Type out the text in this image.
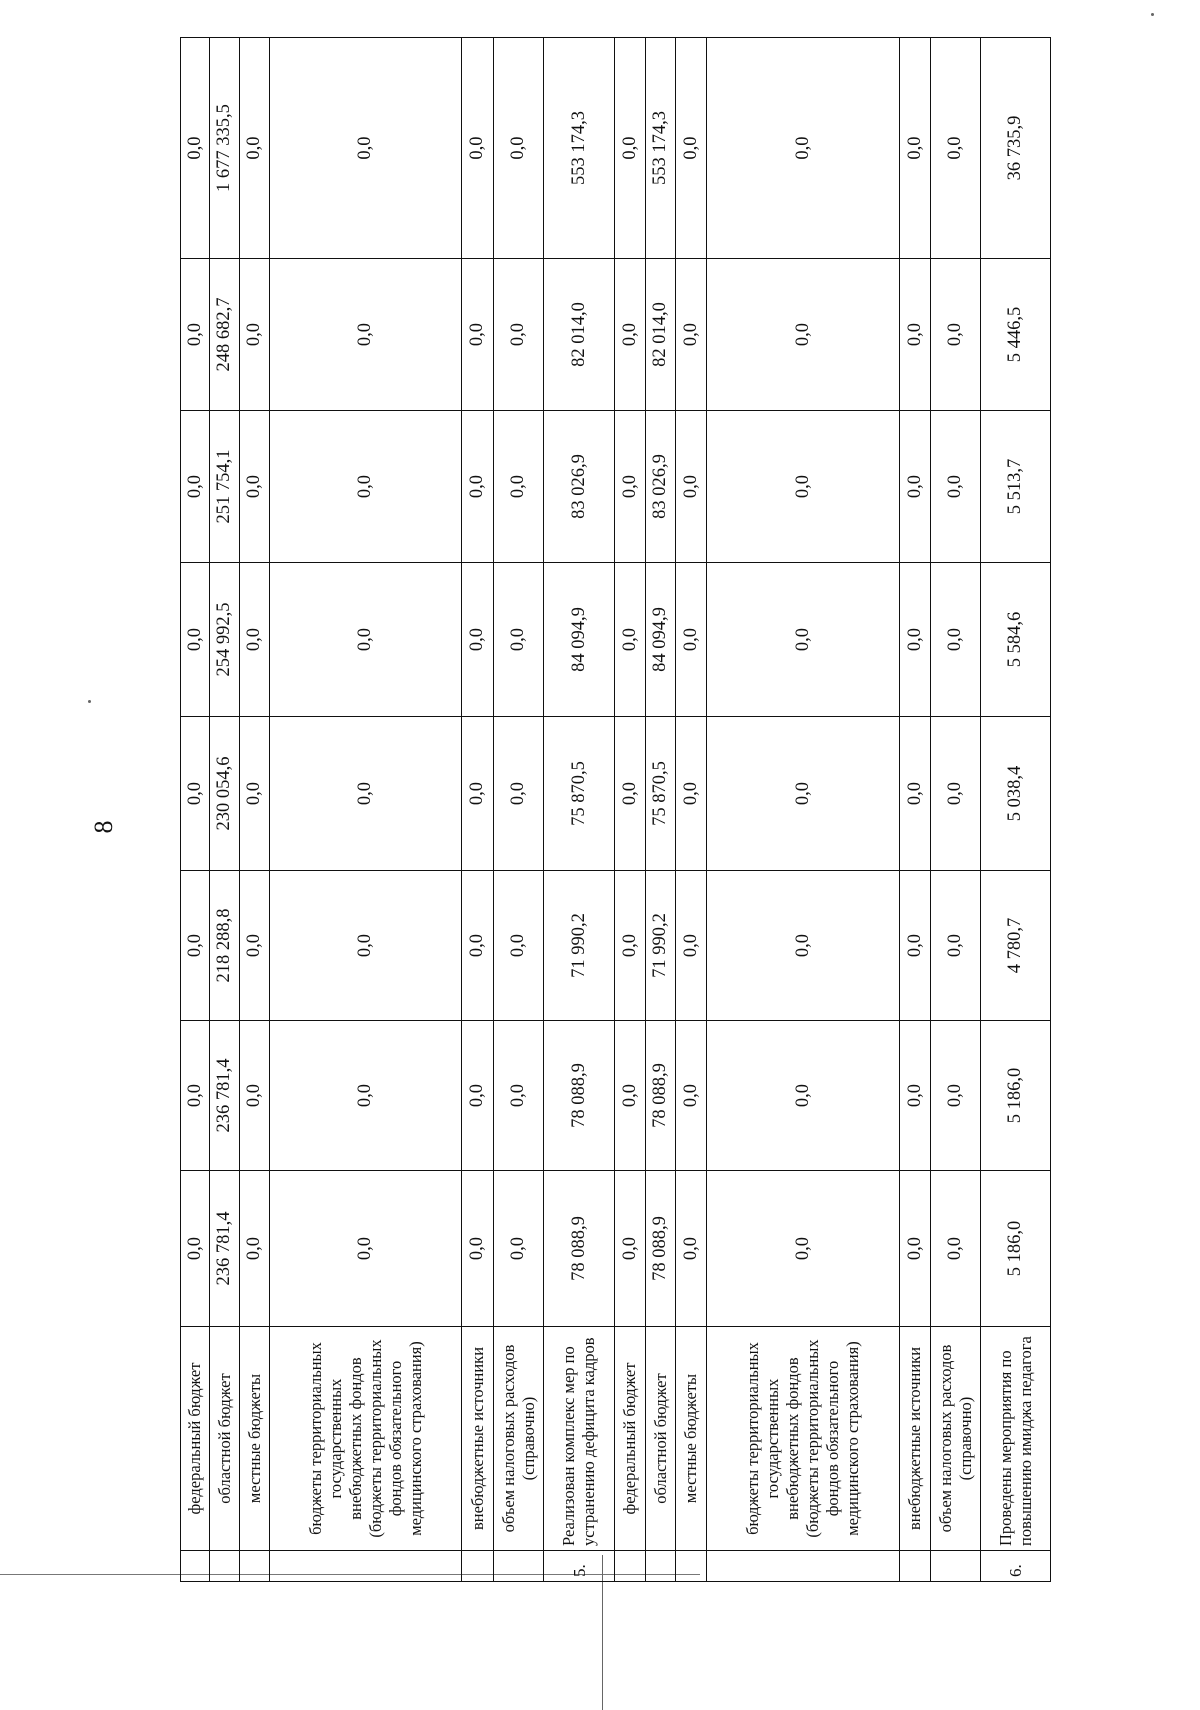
8
	федеральный бюджет	0,0	0,0	0,0	0,0	0,0	0,0	0,0	0,0
	областной бюджет	236 781,4	236 781,4	218 288,8	230 054,6	254 992,5	251 754,1	248 682,7	1 677 335,5
	местные бюджеты	0,0	0,0	0,0	0,0	0,0	0,0	0,0	0,0
	бюджеты территориальных государственных внебюджетных фондов (бюджеты территориальных фондов обязательного медицинского страхования)	0,0	0,0	0,0	0,0	0,0	0,0	0,0	0,0
	внебюджетные источники	0,0	0,0	0,0	0,0	0,0	0,0	0,0	0,0
	объем налоговых расходов (справочно)	0,0	0,0	0,0	0,0	0,0	0,0	0,0	0,0
5.	Реализован комплекс мер по устранению дефицита кадров	78 088,9	78 088,9	71 990,2	75 870,5	84 094,9	83 026,9	82 014,0	553 174,3
	федеральный бюджет	0,0	0,0	0,0	0,0	0,0	0,0	0,0	0,0
	областной бюджет	78 088,9	78 088,9	71 990,2	75 870,5	84 094,9	83 026,9	82 014,0	553 174,3
	местные бюджеты	0,0	0,0	0,0	0,0	0,0	0,0	0,0	0,0
	бюджеты территориальных государственных внебюджетных фондов (бюджеты территориальных фондов обязательного медицинского страхования)	0,0	0,0	0,0	0,0	0,0	0,0	0,0	0,0
	внебюджетные источники	0,0	0,0	0,0	0,0	0,0	0,0	0,0	0,0
	объем налоговых расходов (справочно)	0,0	0,0	0,0	0,0	0,0	0,0	0,0	0,0
6.	Проведены мероприятия по повышению имиджа педагога	5 186,0	5 186,0	4 780,7	5 038,4	5 584,6	5 513,7	5 446,5	36 735,9
